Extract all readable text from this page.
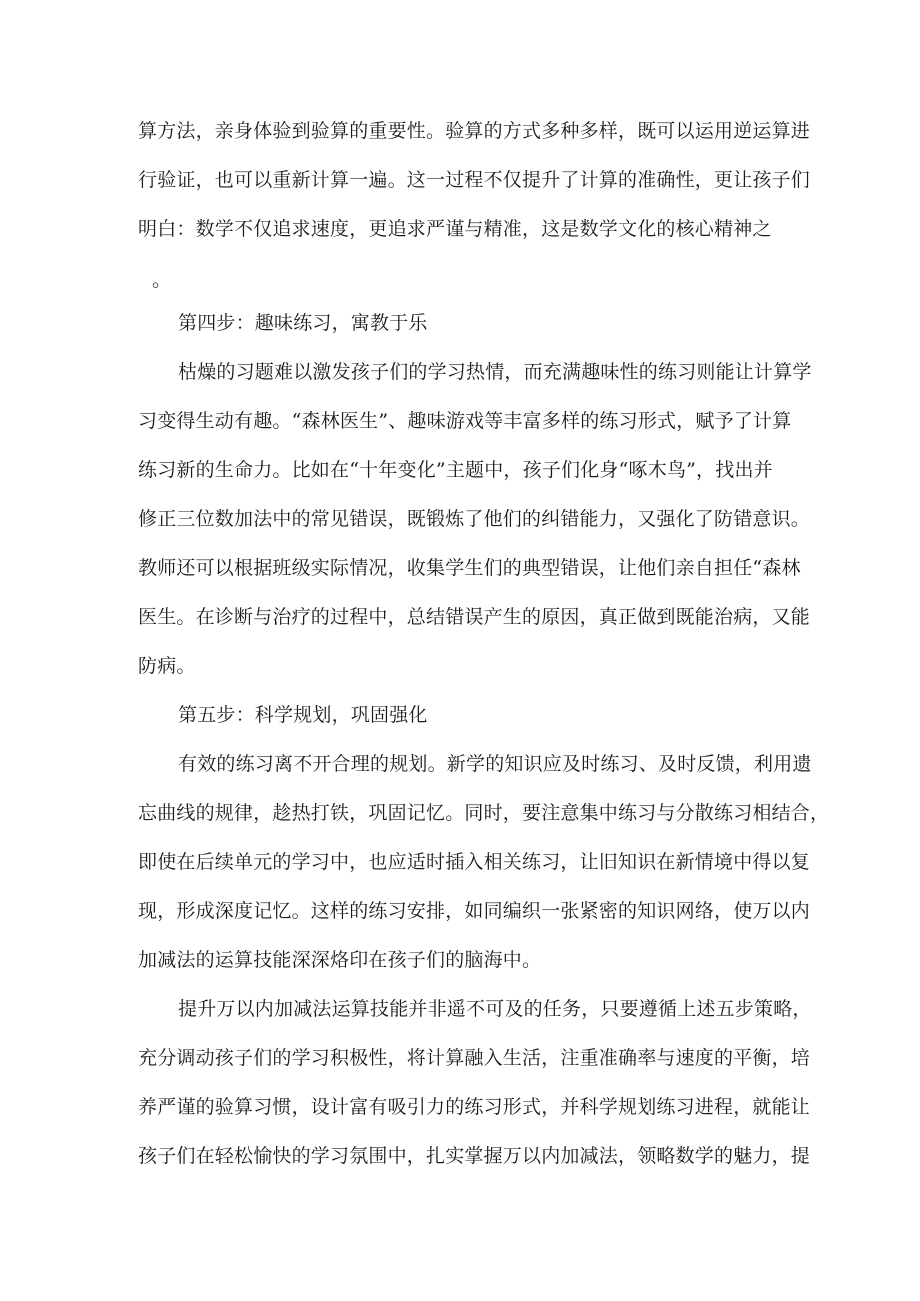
算方法，亲身体验到验算的重要性。验算的方式多种多样，既可以运用逆运算进
行验证，也可以重新计算一遍。这一过程不仅提升了计算的准确性，更让孩子们
明白：数学不仅追求速度，更追求严谨与精准，这是数学文化的核心精神之
。
第四步：趣味练习，寓教于乐
枯燥的习题难以激发孩子们的学习热情，而充满趣味性的练习则能让计算学
习变得生动有趣。“森林医生”、趣味游戏等丰富多样的练习形式，赋予了计算
练习新的生命力。比如在“十年变化”主题中，孩子们化身“啄木鸟”，找出并
修正三位数加法中的常见错误，既锻炼了他们的纠错能力，又强化了防错意识。
教师还可以根据班级实际情况，收集学生们的典型错误，让他们亲自担任“森林
医生。在诊断与治疗的过程中，总结错误产生的原因，真正做到既能治病，又能
防病。
第五步：科学规划，巩固强化
有效的练习离不开合理的规划。新学的知识应及时练习、及时反馈，利用遗
忘曲线的规律，趁热打铁，巩固记忆。同时，要注意集中练习与分散练习相结合，
即使在后续单元的学习中，也应适时插入相关练习，让旧知识在新情境中得以复
现，形成深度记忆。这样的练习安排，如同编织一张紧密的知识网络，使万以内
加减法的运算技能深深烙印在孩子们的脑海中。
提升万以内加减法运算技能并非遥不可及的任务，只要遵循上述五步策略，
充分调动孩子们的学习积极性，将计算融入生活，注重准确率与速度的平衡，培
养严谨的验算习惯，设计富有吸引力的练习形式，并科学规划练习进程，就能让
孩子们在轻松愉快的学习氛围中，扎实掌握万以内加减法，领略数学的魅力，提
